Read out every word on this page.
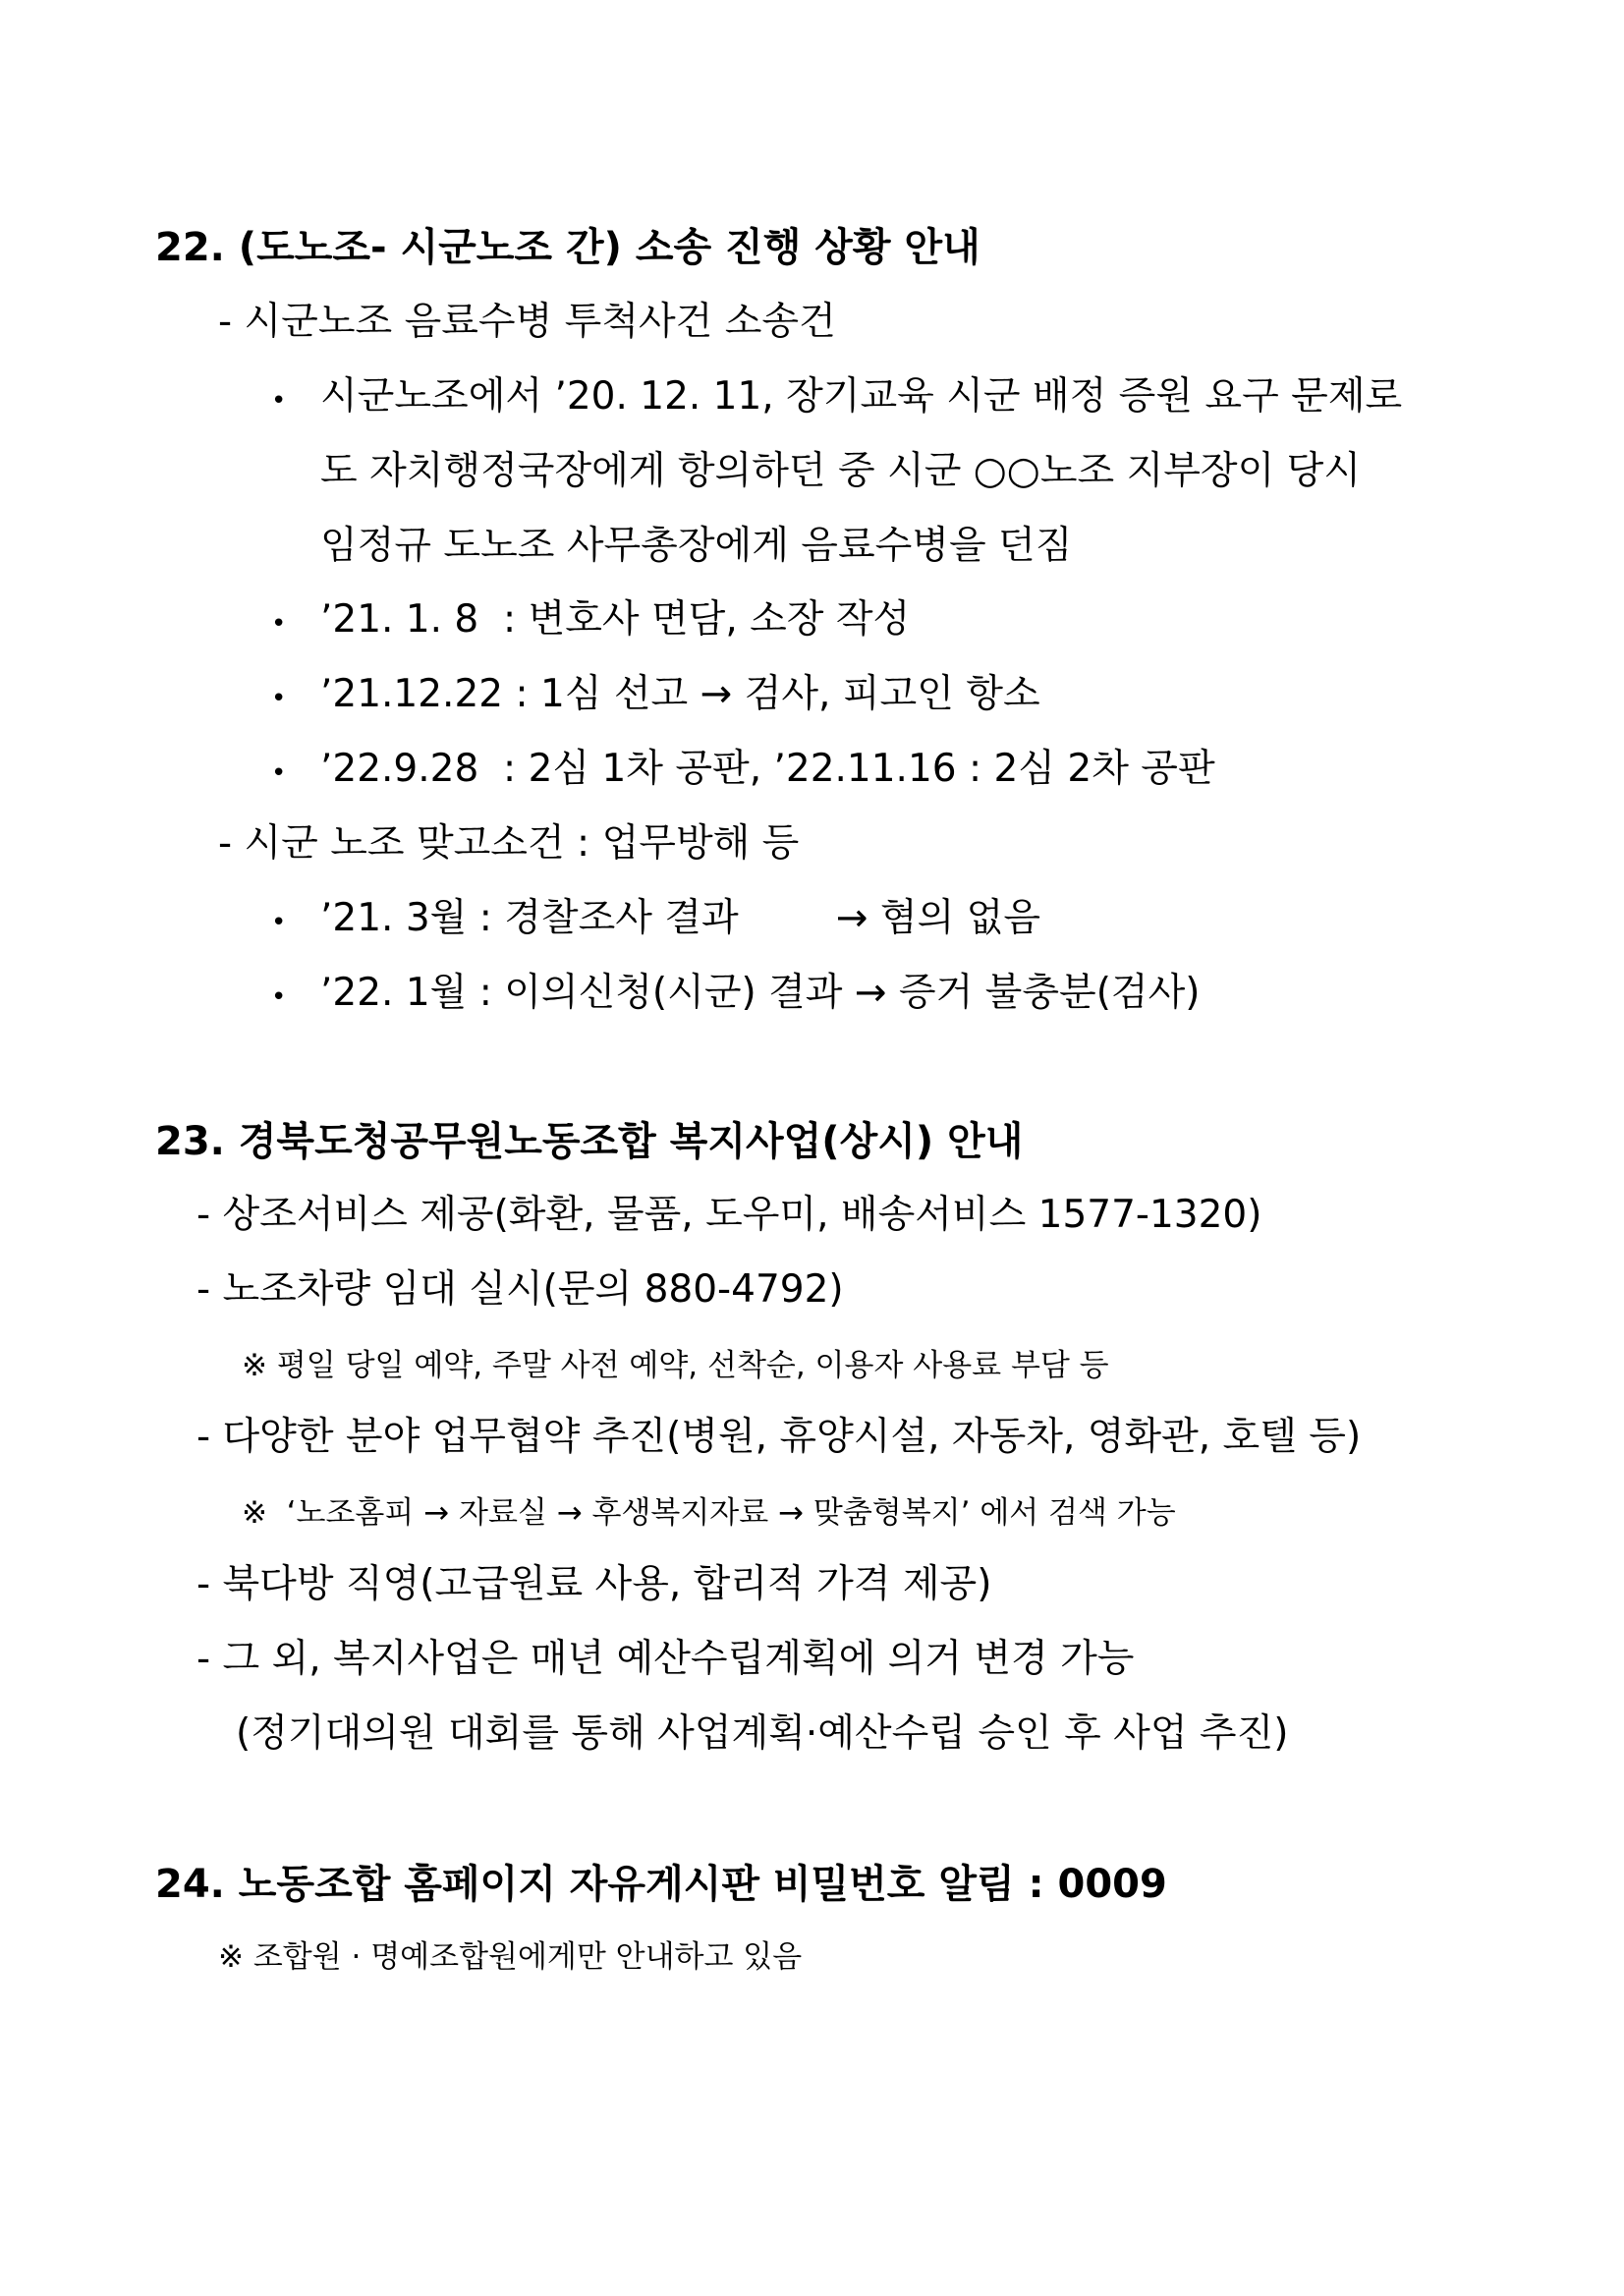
22. (도노조- 시군노조 간) 소송 진행 상황 안내
- 시군노조 음료수병 투척사건 소송건
• 시군노조에서 ’20. 12. 11, 장기교육 시군 배정 증원 요구 문제로
도 자치행정국장에게 항의하던 중 시군 ○○노조 지부장이 당시
임정규 도노조 사무총장에게 음료수병을 던짐
• ’21. 1. 8  : 변호사 면담, 소장 작성
• ’21.12.22 : 1심 선고 → 검사, 피고인 항소
• ’22.9.28  : 2심 1차 공판, ’22.11.16 : 2심 2차 공판
- 시군 노조 맞고소건 : 업무방해 등
• ’21. 3월 : 경찰조사 결과        → 혐의 없음
• ’22. 1월 : 이의신청(시군) 결과 → 증거 불충분(검사)
23. 경북도청공무원노동조합 복지사업(상시) 안내
- 상조서비스 제공(화환, 물품, 도우미, 배송서비스 1577-1320)
- 노조차량 임대 실시(문의 880-4792)
※ 평일 당일 예약, 주말 사전 예약, 선착순, 이용자 사용료 부담 등
- 다양한 분야 업무협약 추진(병원, 휴양시설, 자동차, 영화관, 호텔 등)
※  ‘노조홈피 → 자료실 → 후생복지자료 → 맞춤형복지’ 에서 검색 가능
- 북다방 직영(고급원료 사용, 합리적 가격 제공)
- 그 외, 복지사업은 매년 예산수립계획에 의거 변경 가능
(정기대의원 대회를 통해 사업계획·예산수립 승인 후 사업 추진)
24. 노동조합 홈페이지 자유게시판 비밀번호 알림 : 0009
※ 조합원 · 명예조합원에게만 안내하고 있음
